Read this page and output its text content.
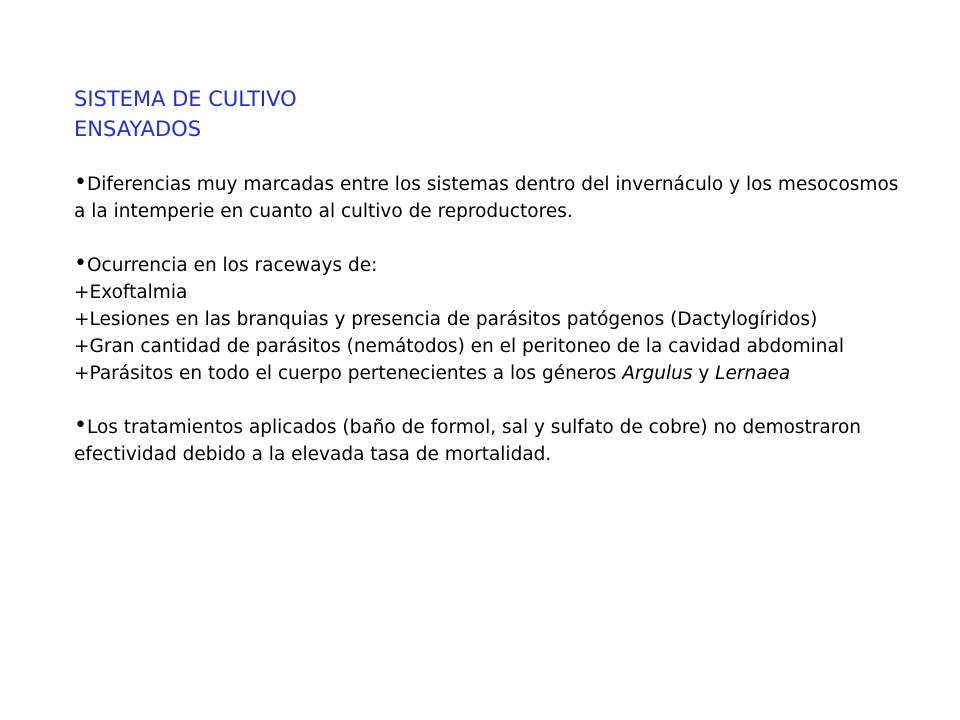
SISTEMA DE CULTIVO

ENSAYADOS

•Diferencias muy marcadas entre los sistemas dentro del invernáculo y los mesocosmos a la intemperie en cuanto al cultivo de reproductores.

•Ocurrencia en los raceways de:

+Exoftalmia

+Lesiones en las branquias y presencia de parásitos patógenos (Dactylogíridos)

+Gran cantidad de parásitos (nemátodos) en el peritoneo de la cavidad abdominal

+Parásitos en todo el cuerpo pertenecientes a los géneros Argulus y Lernaea

•Los tratamientos aplicados (baño de formol, sal y sulfato de cobre) no demostraron efectividad debido a la elevada tasa de mortalidad.
